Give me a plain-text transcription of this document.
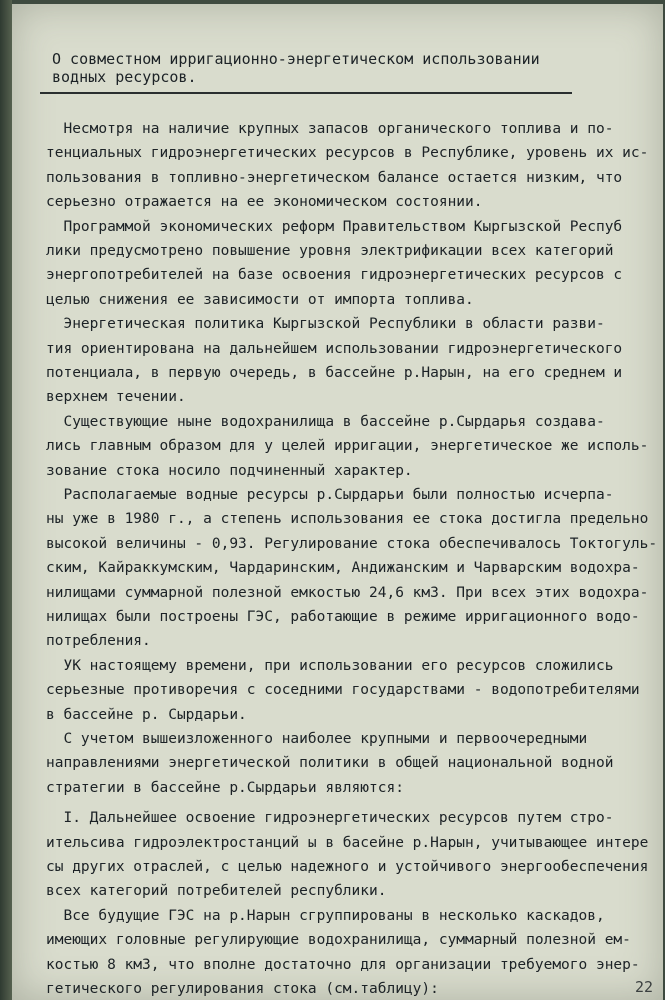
О совместном ирригационно-энергетическом использовании
водных ресурсов.
Несмотря на наличие крупных запасов органического топлива и по-
тенциальных гидроэнергетических ресурсов в Республике, уровень их ис-
пользования в топливно-энергетическом балансе остается низким, что
серьезно отражается на ее экономическом состоянии.
Программой экономических реформ Правительством Кыргызской Респуб
лики предусмотрено повышение уровня электрификации всех категорий
энергопотребителей на базе освоения гидроэнергетических ресурсов с
целью снижения ее зависимости от импорта топлива.
Энергетическая политика Кыргызской Республики в области разви-
тия ориентирована на дальнейшем использовании гидроэнергетического
потенциала, в первую очередь, в бассейне р.Нарын, на его среднем и
верхнем течении.
Существующие ныне водохранилища в бассейне р.Сырдарья создава-
лись главным образом для у целей ирригации, энергетическое же исполь-
зование стока носило подчиненный характер.
Располагаемые водные ресурсы р.Сырдарьи были полностью исчерпа-
ны уже в 1980 г., а степень использования ее стока достигла предельно
высокой величины - 0,93. Регулирование стока обеспечивалось Токтогуль-
ским, Кайраккумским, Чардаринским, Андижанским и Чарварским водохра-
нилищами суммарной полезной емкостью 24,6 км3. При всех этих водохра-
нилищах были построены ГЭС, работающие в режиме ирригационного водо-
потребления.
УК настоящему времени, при использовании его ресурсов сложились
серьезные противоречия с соседними государствами - водопотребителями
в бассейне р. Сырдарьи.
С учетом вышеизложенного наиболее крупными и первоочередными
направлениями энергетической политики в общей национальной водной
стратегии в бассейне р.Сырдарьи являются:
I. Дальнейшее освоение гидроэнергетических ресурсов путем стро-
ительсива гидроэлектростанций ы в басейне р.Нарын, учитывающее интере
сы других отраслей, с целью надежного и устойчивого энергообеспечения
всех категорий потребителей республики.
Все будущие ГЭС на р.Нарын сгруппированы в несколько каскадов,
имеющих головные регулирующие водохранилища, суммарный полезной ем-
костью 8 км3, что вполне достаточно для организации требуемого энер-
гетического регулирования стока (см.таблицу):	22
